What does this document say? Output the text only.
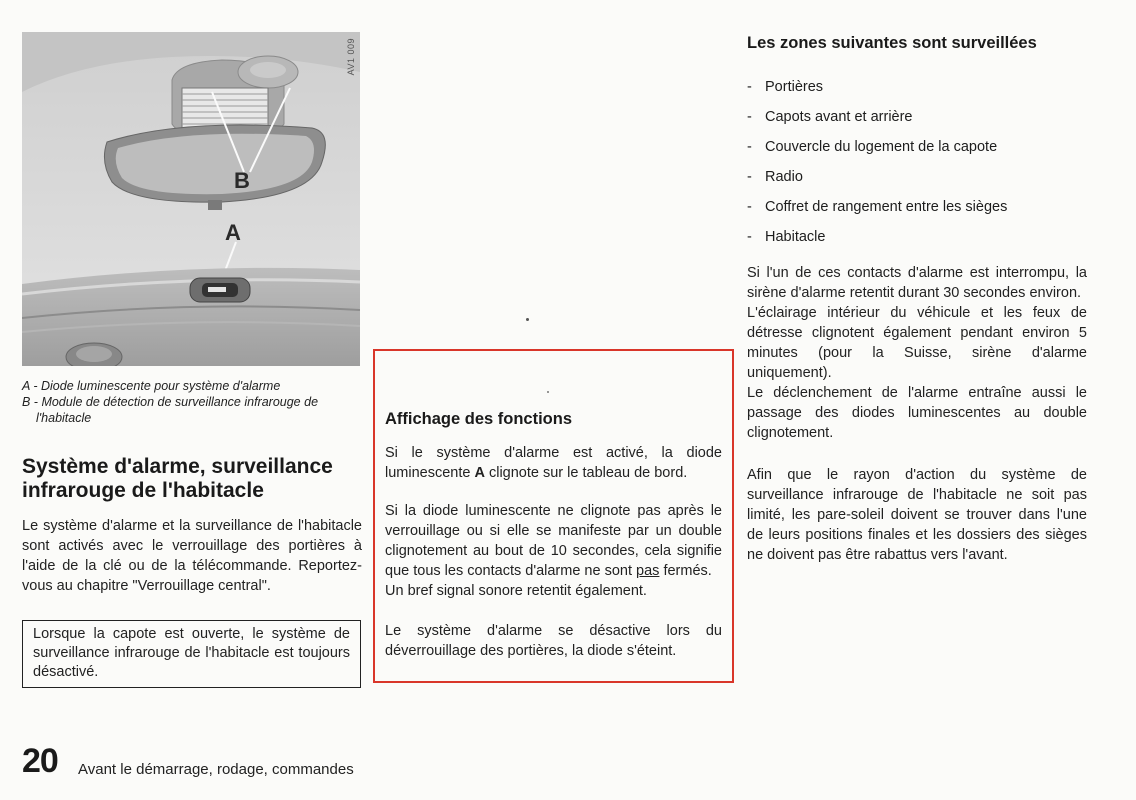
AV1 009
B
A
A - Diode luminescente pour système d'alarme
B - Module de détection de surveillance infrarouge de l'habitacle
Système d'alarme, surveillance infrarouge de l'habitacle
Le système d'alarme et la surveillance de l'habitacle sont activés avec le verrouillage des portières à l'aide de la clé ou de la télécommande. Reportez-vous au chapitre "Verrouillage central".
Lorsque la capote est ouverte, le système de surveillance infrarouge de l'habitacle est toujours désactivé.
Affichage des fonctions

Si le système d'alarme est activé, la diode luminescente A clignote sur le tableau de bord.

Si la diode luminescente ne clignote pas après le verrouillage ou si elle se manifeste par un double clignotement au bout de 10 secondes, cela signifie que tous les contacts d'alarme ne sont pas fermés.

Un bref signal sonore retentit également.

Le système d'alarme se désactive lors du déverrouillage des portières, la diode s'éteint.

Les zones suivantes sont surveillées
- Portières
- Capots avant et arrière
- Couvercle du logement de la capote
- Radio
- Coffret de rangement entre les sièges
- Habitacle

Si l'un de ces contacts d'alarme est interrompu, la sirène d'alarme retentit durant 30 secondes environ.

L'éclairage intérieur du véhicule et les feux de détresse clignotent également pendant environ 5 minutes (pour la Suisse, sirène d'alarme uniquement).

Le déclenchement de l'alarme entraîne aussi le passage des diodes luminescentes au double clignotement.

Afin que le rayon d'action du système de surveillance infrarouge de l'habitacle ne soit pas limité, les pare-soleil doivent se trouver dans l'une de leurs positions finales et les dossiers des sièges ne doivent pas être rabattus vers l'avant.

20 Avant le démarrage, rodage, commandes
